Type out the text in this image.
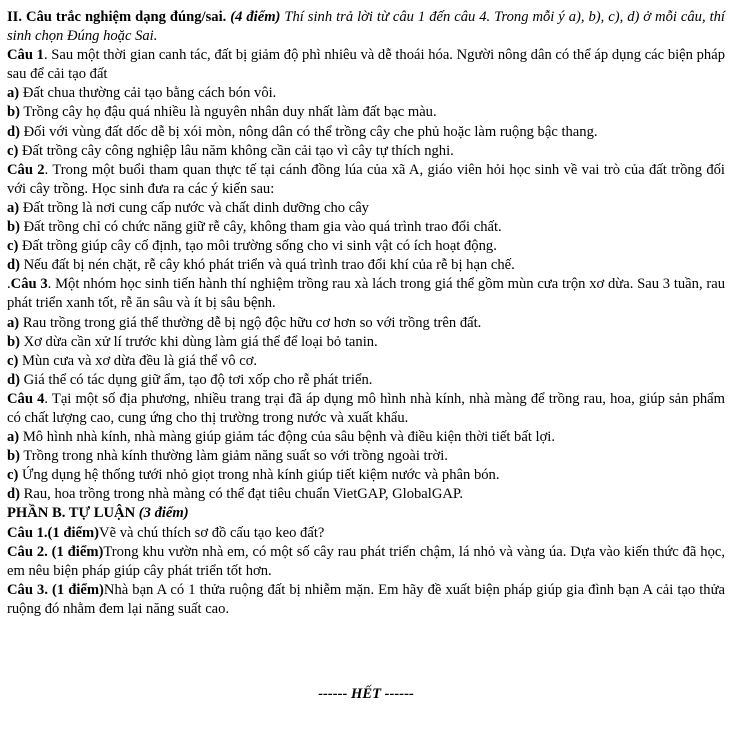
II. Câu trắc nghiệm dạng đúng/sai. (4 điểm) Thí sinh trả lời từ câu 1 đến câu 4. Trong mỗi ý a), b), c), d) ở mỗi câu, thí sinh chọn Đúng hoặc Sai.

Câu 1. Sau một thời gian canh tác, đất bị giảm độ phì nhiêu và dễ thoái hóa. Người nông dân có thể áp dụng các biện pháp sau để cải tạo đất

a) Đất chua thường cải tạo bằng cách bón vôi.

b) Trồng cây họ đậu quá nhiều là nguyên nhân duy nhất làm đất bạc màu.

d) Đối với vùng đất dốc dễ bị xói mòn, nông dân có thể trồng cây che phủ hoặc làm ruộng bậc thang.

c) Đất trồng cây công nghiệp lâu năm không cần cải tạo vì cây tự thích nghi.

Câu 2. Trong một buổi tham quan thực tế tại cánh đồng lúa của xã A, giáo viên hỏi học sinh về vai trò của đất trồng đối với cây trồng. Học sinh đưa ra các ý kiến sau:

a) Đất trồng là nơi cung cấp nước và chất dinh dưỡng cho cây

b) Đất trồng chỉ có chức năng giữ rễ cây, không tham gia vào quá trình trao đổi chất.

c) Đất trồng giúp cây cố định, tạo môi trường sống cho vi sinh vật có ích hoạt động.

d) Nếu đất bị nén chặt, rễ cây khó phát triển và quá trình trao đổi khí của rễ bị hạn chế.

.Câu 3. Một nhóm học sinh tiến hành thí nghiệm trồng rau xà lách trong giá thể gồm mùn cưa trộn xơ dừa. Sau 3 tuần, rau phát triển xanh tốt, rễ ăn sâu và ít bị sâu bệnh.

a) Rau trồng trong giá thể thường dễ bị ngộ độc hữu cơ hơn so với trồng trên đất.

b) Xơ dừa cần xử lí trước khi dùng làm giá thể để loại bỏ tanin.

c) Mùn cưa và xơ dừa đều là giá thể vô cơ.

d) Giá thể có tác dụng giữ ẩm, tạo độ tơi xốp cho rễ phát triển.

Câu 4. Tại một số địa phương, nhiều trang trại đã áp dụng mô hình nhà kính, nhà màng để trồng rau, hoa, giúp sản phẩm có chất lượng cao, cung ứng cho thị trường trong nước và xuất khẩu.

a) Mô hình nhà kính, nhà màng giúp giảm tác động của sâu bệnh và điều kiện thời tiết bất lợi.

b) Trồng trong nhà kính thường làm giảm năng suất so với trồng ngoài trời.

c) Ứng dụng hệ thống tưới nhỏ giọt trong nhà kính giúp tiết kiệm nước và phân bón.

d) Rau, hoa trồng trong nhà màng có thể đạt tiêu chuẩn VietGAP, GlobalGAP.

PHẦN B. TỰ LUẬN (3 điểm)

Câu 1.(1 điểm)Vẽ và chú thích sơ đồ cấu tạo keo đất?

Câu 2. (1 điểm)Trong khu vườn nhà em, có một số cây rau phát triển chậm, lá nhỏ và vàng úa. Dựa vào kiến thức đã học, em nêu biện pháp giúp cây phát triển tốt hơn.

Câu 3. (1 điểm)Nhà bạn A có 1 thửa ruộng đất bị nhiễm mặn. Em hãy đề xuất biện pháp giúp gia đình bạn A cải tạo thửa ruộng đó nhằm đem lại năng suất cao.

------ HẾT ------
